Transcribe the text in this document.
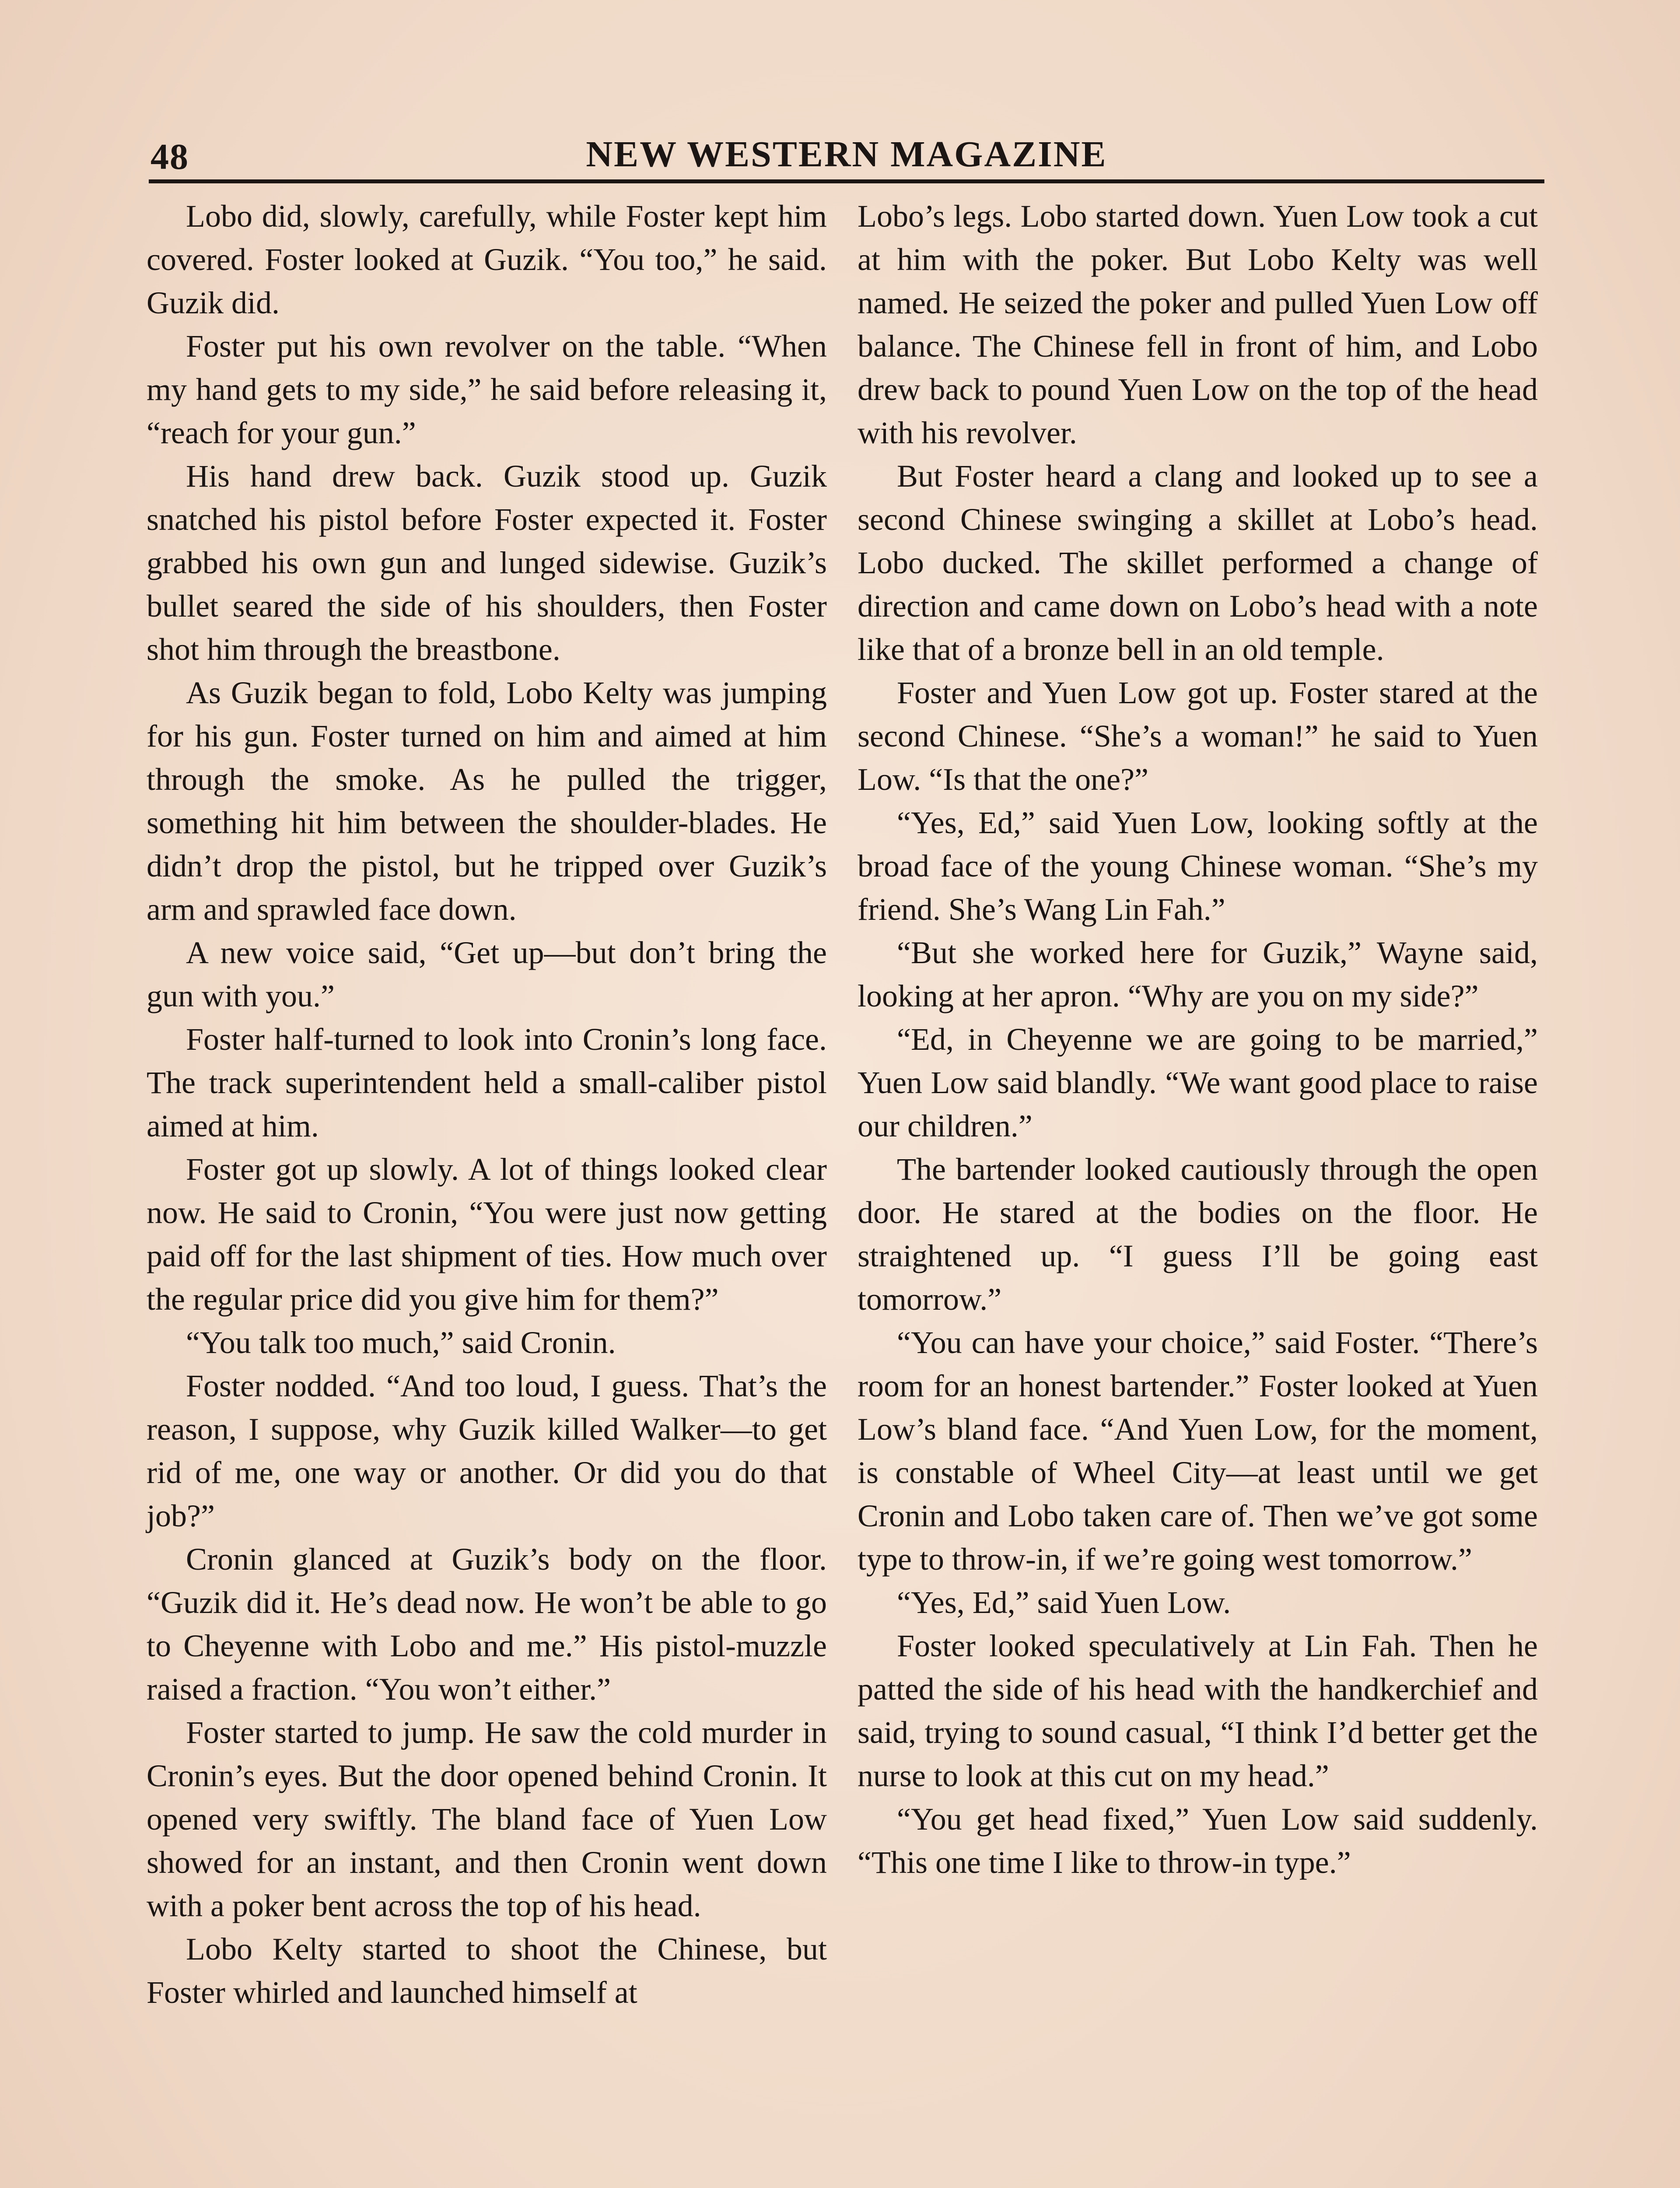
48	NEW WESTERN MAGAZINE

Lobo did, slowly, carefully, while Foster kept him covered. Foster looked at Guzik. “You too,” he said. Guzik did.

Foster put his own revolver on the table. “When my hand gets to my side,” he said before releasing it, “reach for your gun.”

His hand drew back. Guzik stood up. Guzik snatched his pistol before Foster expected it. Foster grabbed his own gun and lunged sidewise. Guzik’s bullet seared the side of his shoulders, then Foster shot him through the breastbone.

As Guzik began to fold, Lobo Kelty was jumping for his gun. Foster turned on him and aimed at him through the smoke. As he pulled the trigger, something hit him between the shoulder-blades. He didn’t drop the pistol, but he tripped over Guzik’s arm and sprawled face down.

A new voice said, “Get up—but don’t bring the gun with you.”

Foster half-turned to look into Cronin’s long face. The track superintendent held a small-caliber pistol aimed at him.

Foster got up slowly. A lot of things looked clear now. He said to Cronin, “You were just now getting paid off for the last shipment of ties. How much over the regular price did you give him for them?”

“You talk too much,” said Cronin.

Foster nodded. “And too loud, I guess. That’s the reason, I suppose, why Guzik killed Walker—to get rid of me, one way or another. Or did you do that job?”

Cronin glanced at Guzik’s body on the floor. “Guzik did it. He’s dead now. He won’t be able to go to Cheyenne with Lobo and me.” His pistol-muzzle raised a fraction. “You won’t either.”

Foster started to jump. He saw the cold murder in Cronin’s eyes. But the door opened behind Cronin. It opened very swiftly. The bland face of Yuen Low showed for an instant, and then Cronin went down with a poker bent across the top of his head.

Lobo Kelty started to shoot the Chinese, but Foster whirled and launched himself at

Lobo’s legs. Lobo started down. Yuen Low took a cut at him with the poker. But Lobo Kelty was well named. He seized the poker and pulled Yuen Low off balance. The Chinese fell in front of him, and Lobo drew back to pound Yuen Low on the top of the head with his revolver.

But Foster heard a clang and looked up to see a second Chinese swinging a skillet at Lobo’s head. Lobo ducked. The skillet performed a change of direction and came down on Lobo’s head with a note like that of a bronze bell in an old temple.

Foster and Yuen Low got up. Foster stared at the second Chinese. “She’s a woman!” he said to Yuen Low. “Is that the one?”

“Yes, Ed,” said Yuen Low, looking softly at the broad face of the young Chinese woman. “She’s my friend. She’s Wang Lin Fah.”

“But she worked here for Guzik,” Wayne said, looking at her apron. “Why are you on my side?”

“Ed, in Cheyenne we are going to be married,” Yuen Low said blandly. “We want good place to raise our children.”

The bartender looked cautiously through the open door. He stared at the bodies on the floor. He straightened up. “I guess I’ll be going east tomorrow.”

“You can have your choice,” said Foster. “There’s room for an honest bartender.” Foster looked at Yuen Low’s bland face. “And Yuen Low, for the moment, is constable of Wheel City—at least until we get Cronin and Lobo taken care of. Then we’ve got some type to throw-in, if we’re going west tomorrow.”

“Yes, Ed,” said Yuen Low.

Foster looked speculatively at Lin Fah. Then he patted the side of his head with the handkerchief and said, trying to sound casual, “I think I’d better get the nurse to look at this cut on my head.”

“You get head fixed,” Yuen Low said suddenly. “This one time I like to throw-in type.”
